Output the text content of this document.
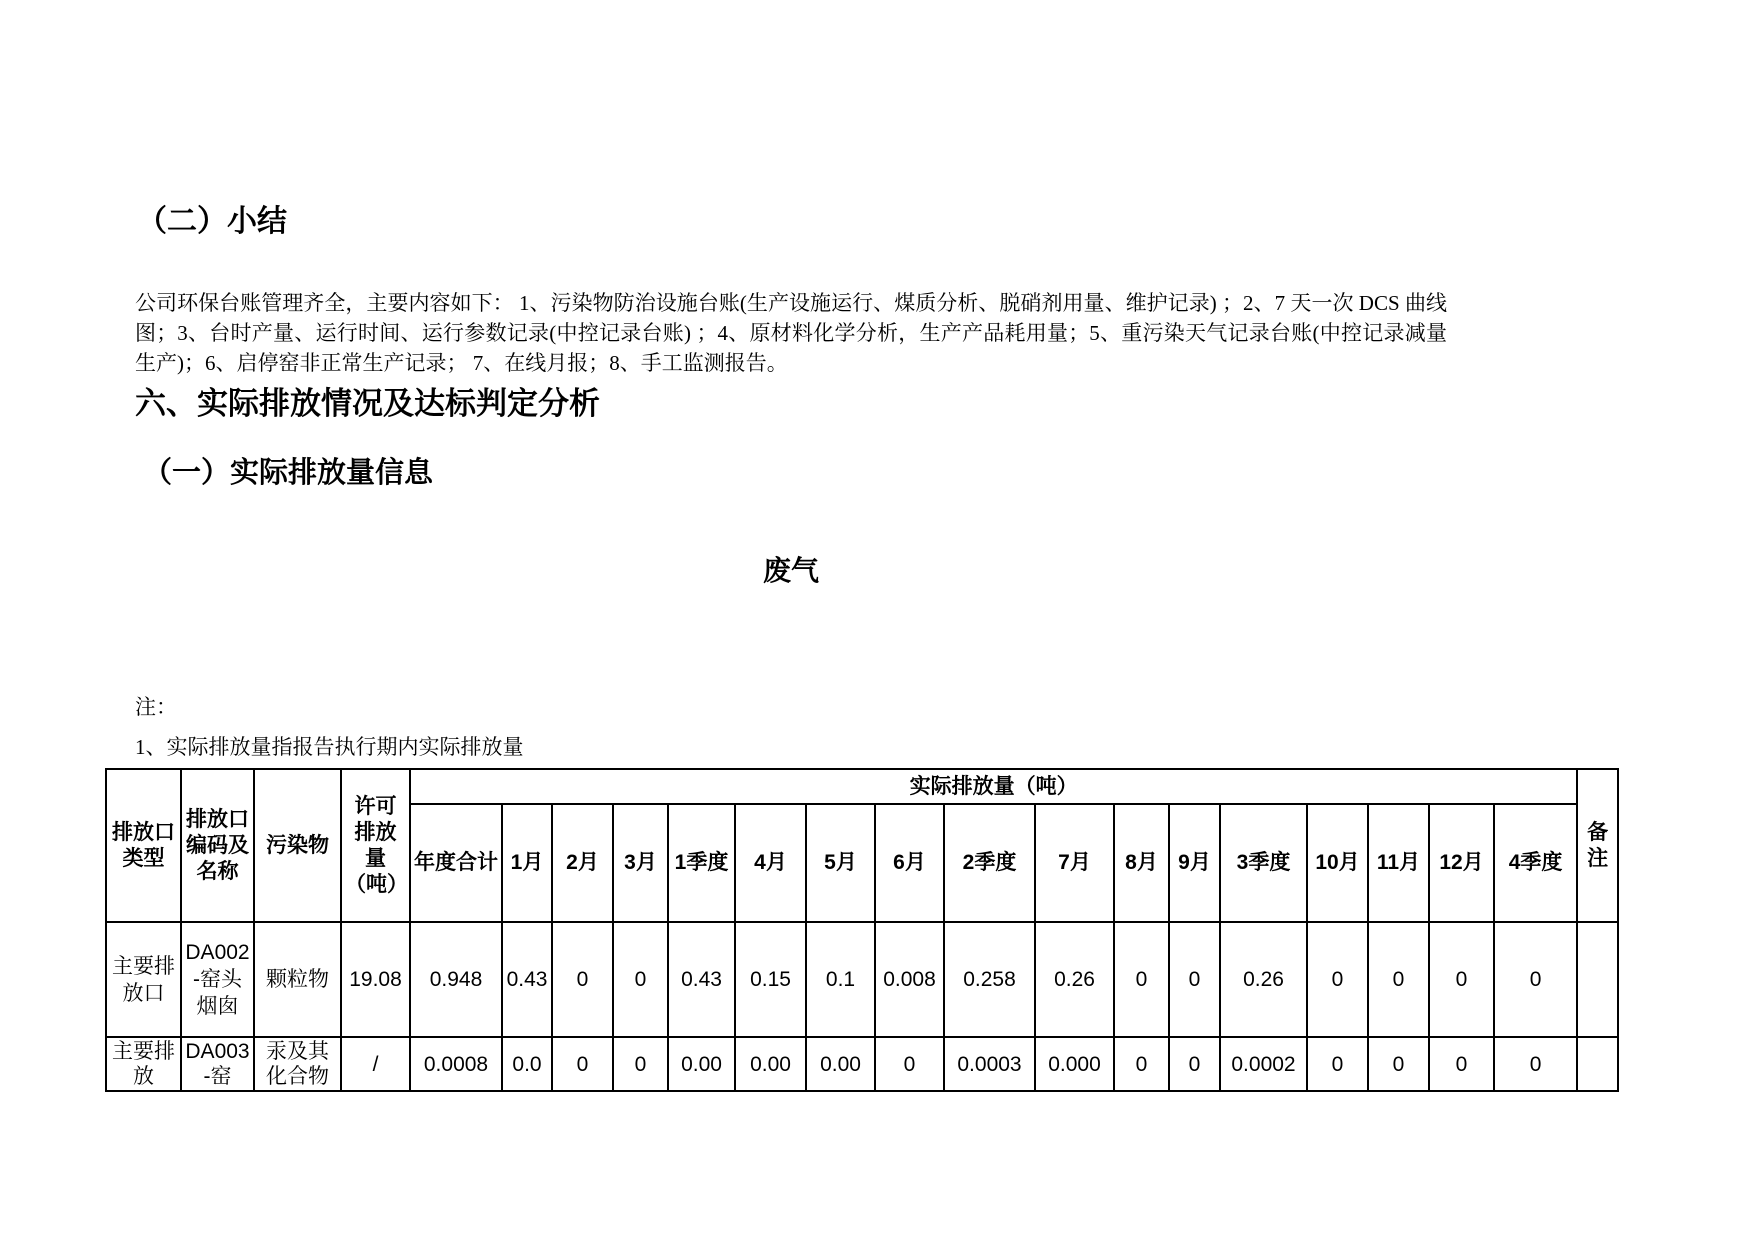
（二）小结

公司环保台账管理齐全，主要内容如下： 1、污染物防治设施台账(生产设施运行、煤质分析、脱硝剂用量、维护记录) ；2、7 天一次 DCS 曲线图；3、台时产量、运行时间、运行参数记录(中控记录台账) ；4、原材料化学分析，生产产品耗用量；5、重污染天气记录台账(中控记录减量生产)；6、启停窑非正常生产记录； 7、在线月报；8、手工监测报告。

六、实际排放情况及达标判定分析
（一）实际排放量信息
废气
注：
1、实际排放量指报告执行期内实际排放量
排放口类型	排放口编码及名称	污染物	许可排放量（吨）	实际排放量（吨）																	备注
				年度合计	1月	2月	3月	1季度	4月	5月	6月	2季度	7月	8月	9月	3季度	10月	11月	12月	4季度	
主要排放口	DA002-窑头烟囱	颗粒物	19.08	0.948	0.43	0	0	0.43	0.15	0.1	0.008	0.258	0.26	0	0	0.26	0	0	0	0	
主要排放	DA003-窑	汞及其化合物	/	0.0008	0.0	0	0	0.00	0.00	0.00	0	0.0003	0.000	0	0	0.0002	0	0	0	0	
